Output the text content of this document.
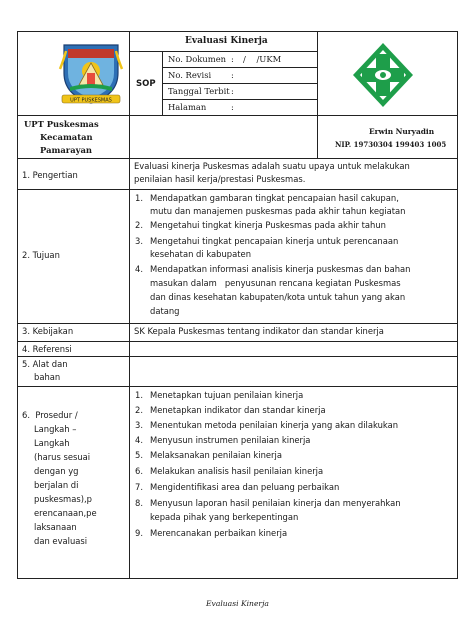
UPT PUSKESMAS
Evaluasi Kinerja
SOP
No. Dokumen : /    /UKM
No. Revisi :
Tanggal Terbit :
Halaman	:
UPT Puskesmas
Kecamatan
Pamarayan
Erwin Nuryadin
NIP. 19730304 199403 1005
1. Pengertian
Evaluasi kinerja Puskesmas adalah suatu upaya untuk melakukan
penilaian hasil kerja/prestasi Puskesmas.
2. Tujuan
1. Mendapatkan gambaran tingkat pencapaian hasil cakupan,
mutu dan manajemen puskesmas pada akhir tahun kegiatan
2. Mengetahui tingkat kinerja Puskesmas pada akhir tahun
3. Mengetahui tingkat pencapaian kinerja untuk perencanaan
kesehatan di kabupaten
4. Mendapatkan informasi analisis kinerja puskesmas dan bahan
masukan dalam   penyusunan rencana kegiatan Puskesmas
dan dinas kesehatan kabupaten/kota untuk tahun yang akan
datang
3. Kebijakan	SK Kepala Puskesmas tentang indikator dan standar kinerja
4. Referensi
5. Alat dan
bahan
6.  Prosedur /
Langkah –
Langkah
(harus sesuai
dengan yg
berjalan di
puskesmas),p
erencanaan,pe
laksanaan
dan evaluasi
1. Menetapkan tujuan penilaian kinerja
2. Menetapkan indikator dan standar kinerja
3. Menentukan metoda penilaian kinerja yang akan dilakukan
4. Menyusun instrumen penilaian kinerja
5. Melaksanakan penilaian kinerja
6. Melakukan analisis hasil penilaian kinerja
7. Mengidentifikasi area dan peluang perbaikan
8. Menyusun laporan hasil penilaian kinerja dan menyerahkan
kepada pihak yang berkepentingan
9. Merencanakan perbaikan kinerja
Evaluasi Kinerja
